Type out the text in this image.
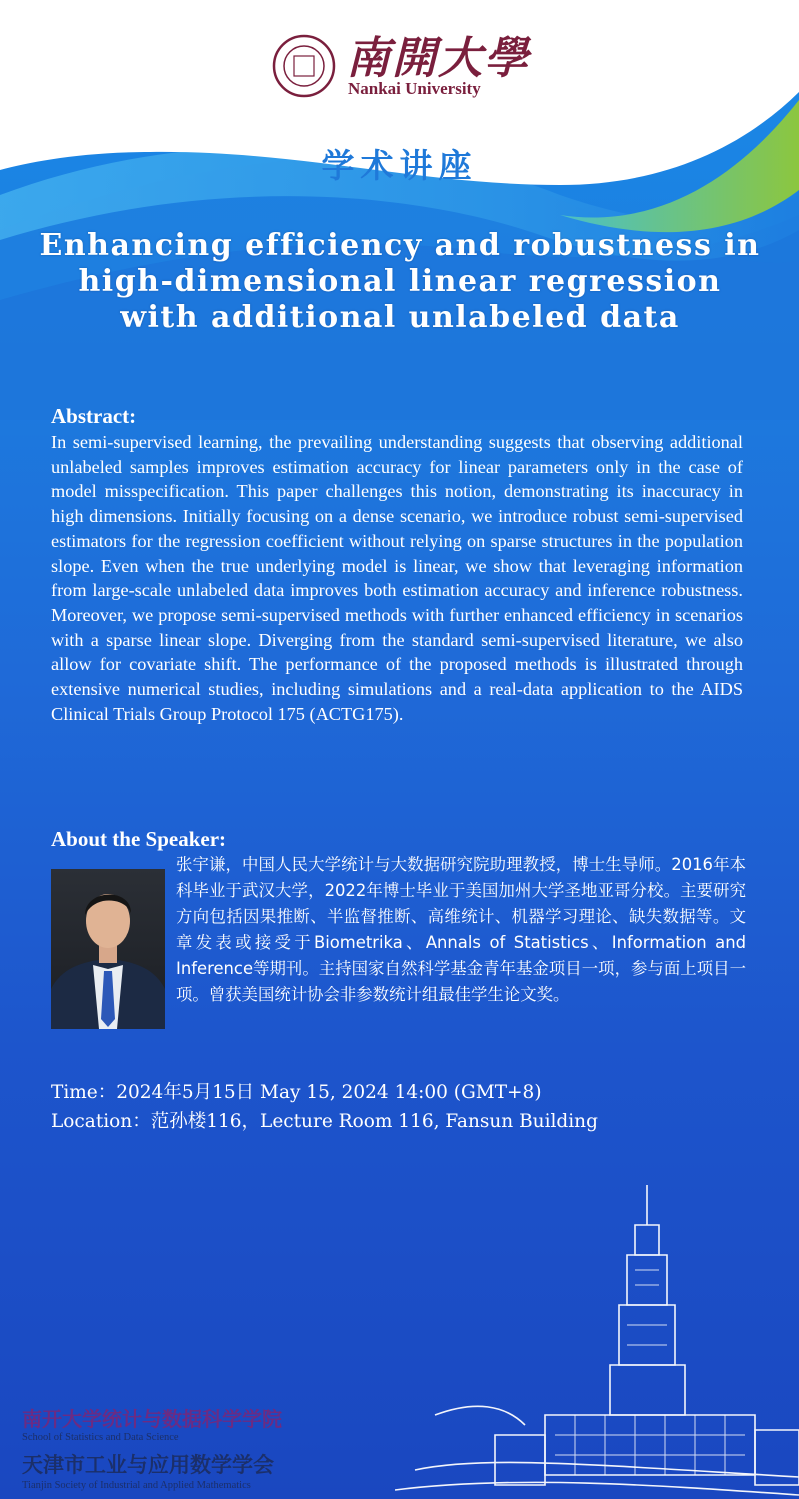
南開大學
Nankai University
学术讲座
Enhancing efficiency and robustness in
high-dimensional linear regression
with additional unlabeled data
Abstract:
In semi-supervised learning, the prevailing understanding suggests that observing additional unlabeled samples improves estimation accuracy for linear parameters only in the case of model misspecification. This paper challenges this notion, demonstrating its inaccuracy in high dimensions. Initially focusing on a dense scenario, we introduce robust semi-supervised estimators for the regression coefficient without relying on sparse structures in the population slope. Even when the true underlying model is linear, we show that leveraging information from large-scale unlabeled data improves both estimation accuracy and inference robustness. Moreover, we propose semi-supervised methods with further enhanced efficiency in scenarios with a sparse linear slope. Diverging from the standard semi-supervised literature, we also allow for covariate shift. The performance of the proposed methods is illustrated through extensive numerical studies, including simulations and a real-data application to the AIDS Clinical Trials Group Protocol 175 (ACTG175).
About the Speaker:
张宇谦，中国人民大学统计与大数据研究院助理教授，博士生导师。2016年本科毕业于武汉大学，2022年博士毕业于美国加州大学圣地亚哥分校。主要研究方向包括因果推断、半监督推断、高维统计、机器学习理论、缺失数据等。文章发表或接受于Biometrika、Annals of Statistics、Information and Inference等期刊。主持国家自然科学基金青年基金项目一项，参与面上项目一项。曾获美国统计协会非参数统计组最佳学生论文奖。
Time：2024年5月15日 May 15, 2024 14:00 (GMT+8)
Location：范孙楼116，Lecture Room 116, Fansun Building
南开大学统计与数据科学学院
School of Statistics and Data Science
天津市工业与应用数学学会
Tianjin Society of Industrial and Applied Mathematics
